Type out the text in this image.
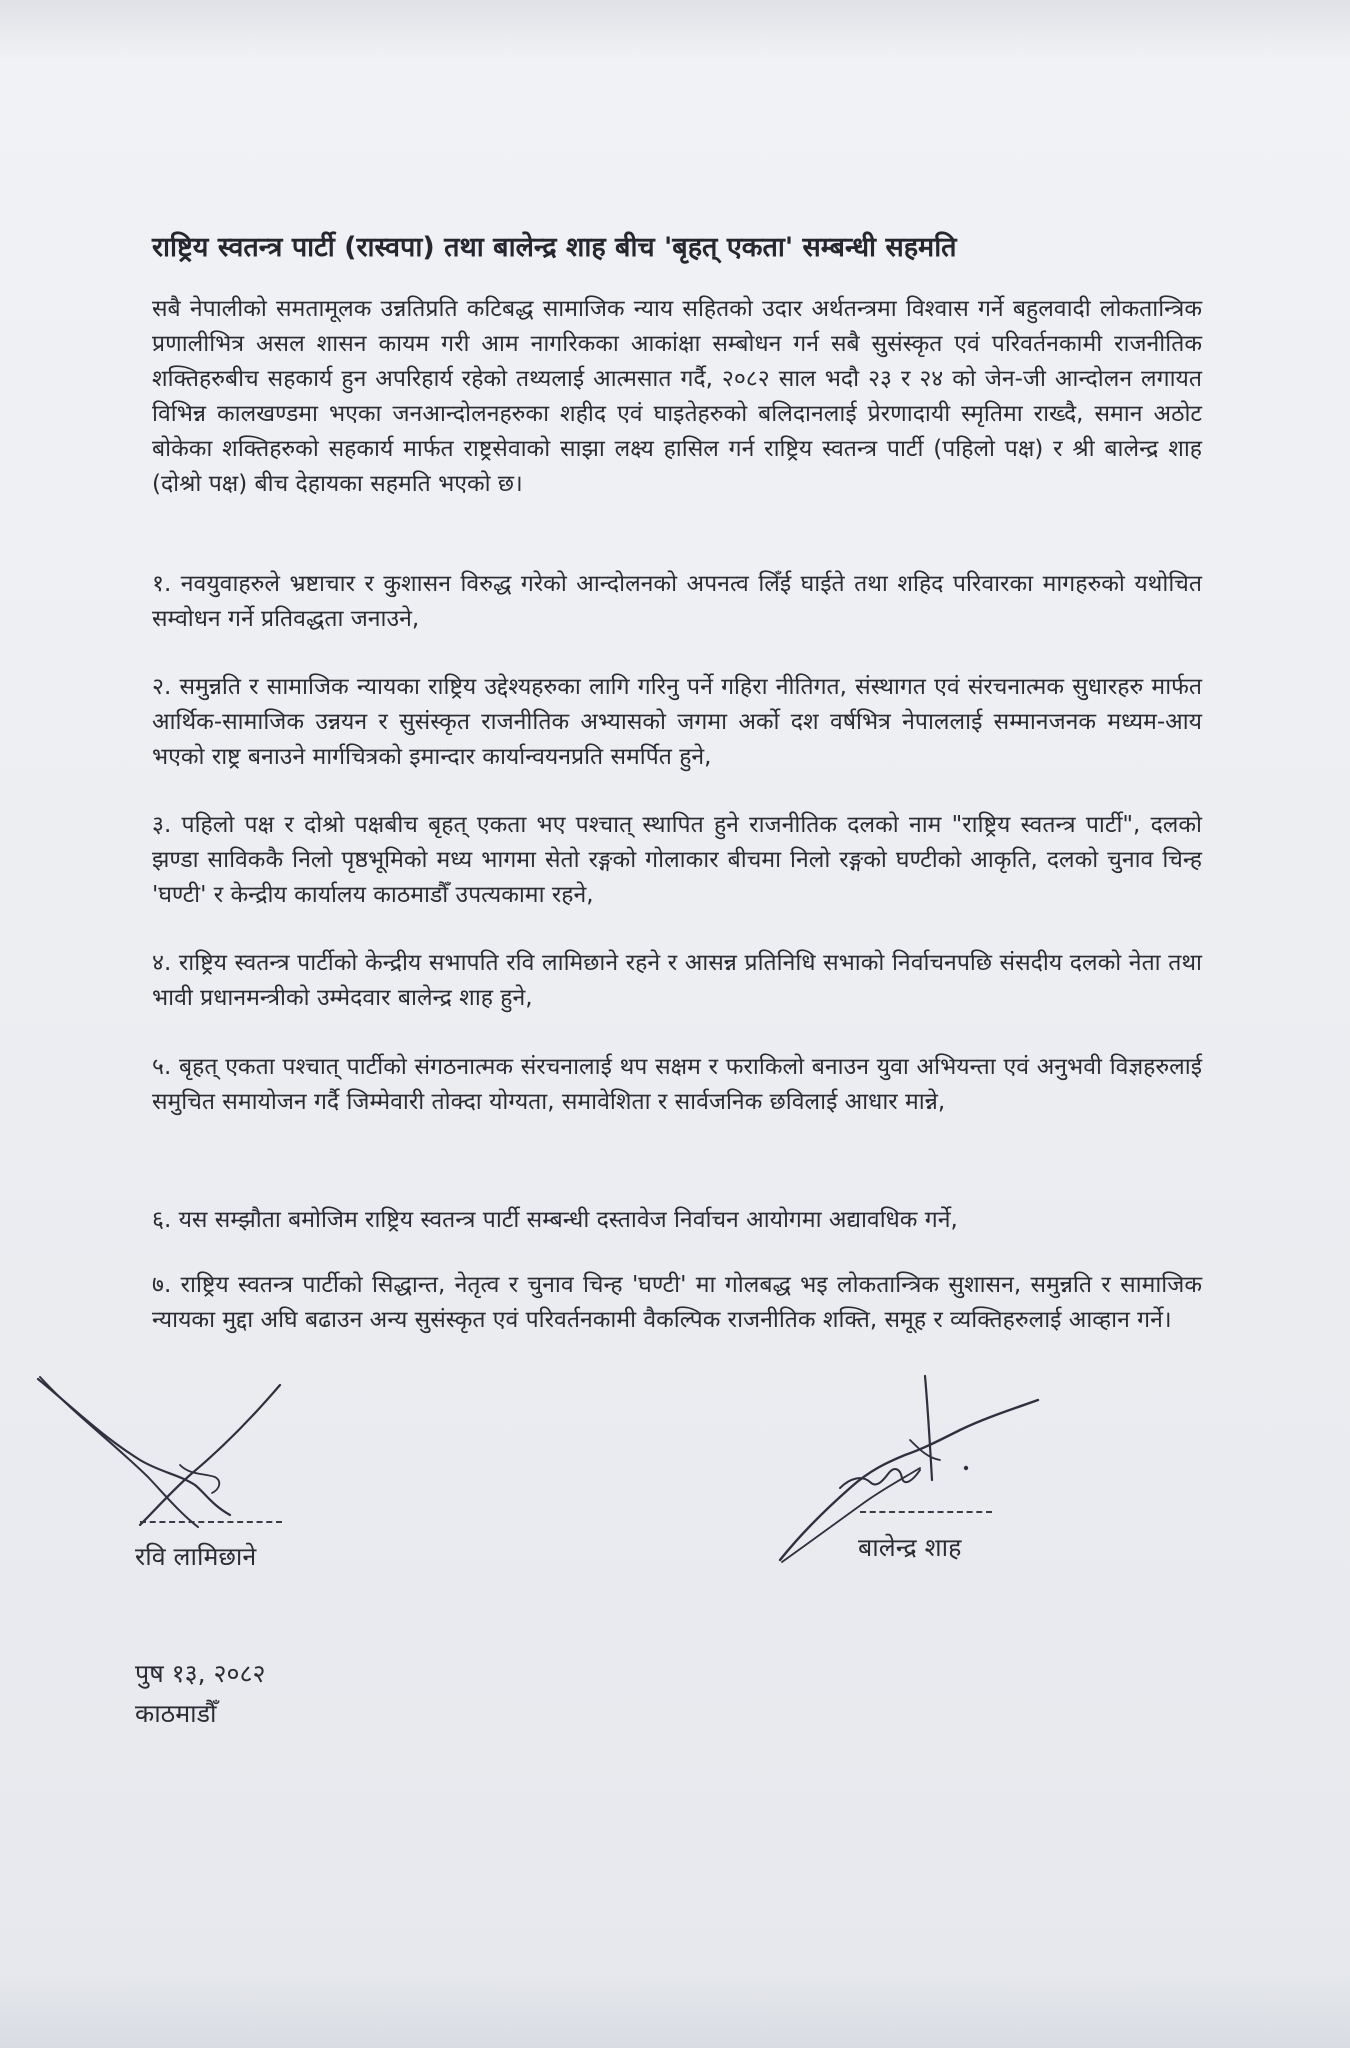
राष्ट्रिय स्वतन्त्र पार्टी (रास्वपा) तथा बालेन्द्र शाह बीच 'बृहत् एकता' सम्बन्धी सहमति
सबै नेपालीको समतामूलक उन्नतिप्रति कटिबद्ध सामाजिक न्याय सहितको उदार अर्थतन्त्रमा विश्वास गर्ने बहुलवादी लोकतान्त्रिक प्रणालीभित्र असल शासन कायम गरी आम नागरिकका आकांक्षा सम्बोधन गर्न सबै सुसंस्कृत एवं परिवर्तनकामी राजनीतिक शक्तिहरुबीच सहकार्य हुन अपरिहार्य रहेको तथ्यलाई आत्मसात गर्दै, २०८२ साल भदौ २३ र २४ को जेन-जी आन्दोलन लगायत विभिन्न कालखण्डमा भएका जनआन्दोलनहरुका शहीद एवं घाइतेहरुको बलिदानलाई प्रेरणादायी स्मृतिमा राख्दै, समान अठोट बोकेका शक्तिहरुको सहकार्य मार्फत राष्ट्रसेवाको साझा लक्ष्य हासिल गर्न राष्ट्रिय स्वतन्त्र पार्टी (पहिलो पक्ष) र श्री बालेन्द्र शाह (दोश्रो पक्ष) बीच देहायका सहमति भएको छ।
१. नवयुवाहरुले भ्रष्टाचार र कुशासन विरुद्ध गरेको आन्दोलनको अपनत्व लिँई घाईते तथा शहिद परिवारका मागहरुको यथोचित सम्वोधन गर्ने प्रतिवद्धता जनाउने,
२. समुन्नति र सामाजिक न्यायका राष्ट्रिय उद्देश्यहरुका लागि गरिनु पर्ने गहिरा नीतिगत, संस्थागत एवं संरचनात्मक सुधारहरु मार्फत आर्थिक-सामाजिक उन्नयन र सुसंस्कृत राजनीतिक अभ्यासको जगमा अर्को दश वर्षभित्र नेपाललाई सम्मानजनक मध्यम-आय भएको राष्ट्र बनाउने मार्गचित्रको इमान्दार कार्यान्वयनप्रति समर्पित हुने,
३. पहिलो पक्ष र दोश्रो पक्षबीच बृहत् एकता भए पश्चात् स्थापित हुने राजनीतिक दलको नाम "राष्ट्रिय स्वतन्त्र पार्टी", दलको झण्डा साविककै निलो पृष्ठभूमिको मध्य भागमा सेतो रङ्गको गोलाकार बीचमा निलो रङ्गको घण्टीको आकृति, दलको चुनाव चिन्ह 'घण्टी' र केन्द्रीय कार्यालय काठमाडौँ उपत्यकामा रहने,
४. राष्ट्रिय स्वतन्त्र पार्टीको केन्द्रीय सभापति रवि लामिछाने रहने र आसन्न प्रतिनिधि सभाको निर्वाचनपछि संसदीय दलको नेता तथा भावी प्रधानमन्त्रीको उम्मेदवार बालेन्द्र शाह हुने,
५. बृहत् एकता पश्चात् पार्टीको संगठनात्मक संरचनालाई थप सक्षम र फराकिलो बनाउन युवा अभियन्ता एवं अनुभवी विज्ञहरुलाई समुचित समायोजन गर्दै जिम्मेवारी तोक्दा योग्यता, समावेशिता र सार्वजनिक छविलाई आधार मान्ने,
६. यस सम्झौता बमोजिम राष्ट्रिय स्वतन्त्र पार्टी सम्बन्धी दस्तावेज निर्वाचन आयोगमा अद्यावधिक गर्ने,
७. राष्ट्रिय स्वतन्त्र पार्टीको सिद्धान्त, नेतृत्व र चुनाव चिन्ह 'घण्टी' मा गोलबद्ध भइ लोकतान्त्रिक सुशासन, समुन्नति र सामाजिक न्यायका मुद्दा अघि बढाउन अन्य सुसंस्कृत एवं परिवर्तनकामी वैकल्पिक राजनीतिक शक्ति, समूह र व्यक्तिहरुलाई आव्हान गर्ने।
रवि लामिछाने	बालेन्द्र शाह
पुष १३, २०८२
काठमाडौँ
